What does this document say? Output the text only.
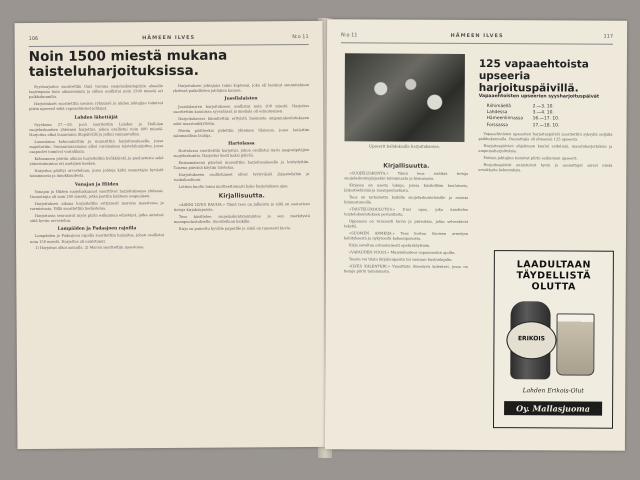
106	HÄMEEN ILVES	N:o 11
Noin 1500 miestä mukana taisteluharjoituksissa.

Syysharjoitus suoritettiin tänä vuonna suojeluskuntapiirin alueella laajempana kuin aikaisemmin ja siihen osallistui noin 1500 miestä eri paikkakunnilta.

Harjoitukset suoritettiin useissa ryhmissä ja niiden johtajina toimivat piirin upseerit sekä vapaaehtoiset johtajat.

Lahden lähettäjät

Syyskuun 27.—28. p:nä suoritettiin Lahden ja Hollolan suojeluskuntien yhteinen harjoitus, johon osallistui noin 400 miestä. Harjoitus alkoi lauantaina iltapäivällä ja jatkui sunnuntaihin.

Lauantaina kokoonnuttiin ja marssittiin harjoitusalueelle, jossa majoituttiin. Sunnuntaiaamuna alkoi varsinainen taisteluharjoitus, jossa osapuolet toimivat vastakkain.

Kolmannen päivän aikana harjoiteltiin hyökkäystä ja puolustusta sekä yhteistoimintaa eri aselajien kesken.

Harjoitus päättyi arvosteluun, jossa johtaja kiitti osanottajia hyvästä toiminnasta ja innokkuudesta.

Vanajan ja Hiiden

Vanajan ja Hiiden suojeluskunnat suorittivat harjoituksensa yhdessä. Osanottajia oli noin 200 miestä, jotka jaettiin kahteen osapuoleen.

Harjoituksen aikana harjoiteltiin erityisesti marssia maastossa ja varmistusta. Yöllä suoritettiin tiedustelua.

Harjoitusta seurasivat myös piirin esikunnan edustajat, jotka antoivat siitä hyvän arvostelun.

Lampäiden ja Padasjoen rajoilla

Lampäiden ja Padasjoen rajoilla suoritettiin harjoitus, johon osallistui noin 150 miestä. Harjoitus oli onnistunut.

1) Harjoitus alkoi aamulla. 2) Marssi suoritettiin maastossa.

Harjoituksen johtajana toimi kapteeni, joka oli laatinut suunnitelman yhdessä paikallisten johtajien kanssa.

Jussilalaisten

Jussilalaisten harjoitukseen osallistui noin 100 miestä. Harjoitus suoritettiin kauniissa syyssäässä ja mieliala oli erinomainen.

Harjoituksessa kiinnitettiin erityistä huomiota ampumakoulutukseen sekä maastonkäyttöön.

Päivän päätteeksi pidettiin yhteinen tilaisuus, jossa laulettiin isänmaallisia lauluja.

Hartolassa

Hartolassa suoritettiin harjoitus, johon osallistui myös naapuripitäjien suojeluskuntia. Harjoitus kesti kaksi päivää.

Ensimmäisenä päivänä marssittiin harjoitusalueelle ja leiriydyttiin. Toisena päivänä käytiin taistelua.

Harjoitukseen osallistuneet olivat tyytyväisiä järjestelyihin ja ruokahuoltoon.

Lottien huolto toimi moitteettomasti koko harjoituksen ajan.

Kirjallisuutta.

»AARNI ILVES RAUHA.» Tämä teos on julkaistu ja siitä on saatavissa tietoja kirjakaupoista.

Teos käsittelee suojeluskuntatoimintaa ja sen merkitystä maanpuolustukselle. Suositellaan kaikille.

Kirja on painettu hyvälle paperille ja siinä on runsaasti kuvia.

N:o 11	HÄMEEN ILVES	117
Upseerit kahdeksalla harjoituksessa.
125 vapaaehtoista upseeria harjoituspäivillä.
Vapaaehtoisten upseerien syysharjoituspäivät
Riihimäellä	2.—3. 10.
Lahdessa	3.—4. 10.
Hämeenlinnassa	16.—17. 10.
Forssassa	17.—18. 10.

Vapaaehtoisten upseerien harjoituspäivät suoritettiin syksyllä neljällä paikkakunnalla. Osanottajia oli yhteensä 125 upseeria.

Harjoituspäivien ohjelmaan kuului esitelmiä, maastoharjoituksia ja ampumaharjoituksia.

Päivien johtajina toimivat piirin esikunnan upseerit.

Harjoituspäivät onnistuivat hyvin ja osanottajat saivat niistä arvokkaita kokemuksia.

Kirjallisuutta.

»SUOJELUSKUNTA.» Tämä teos sisältää tietoja suojeluskuntajärjestön toiminnasta ja historiasta.

Kirjassa on useita lukuja, joissa käsitellään koulutusta, järjestöelämää ja maanpuolustusta.

Teos on tarkoitettu kaikille suojeluskuntalaisille ja asiasta kiinnostuneille.

»TAISTELUKOULUTUS.» Uusi opas, joka käsittelee taistelukoulutuksen periaatteita.

Oppaassa on runsaasti kuvia ja piirroksia, jotka selventävät tekstiä.

»SUOMEN ARMEIJA.» Teos kertoo Suomen armeijan kehityksestä ja nykyisestä kokoonpanosta.

Kirja soveltuu erinomaisesti opetuskäyttöön.

»VAPAUDEN VUOSI.» Muistelmateos vapaussodan ajoilta.

Teosta voi tilata kirjakaupoista tai suoraan kustantajalta.

»ILVES KALENTERI.» Vuosittain ilmestyvä kalenteri, jossa on tietoja piirin toiminnasta.

LAADULTAAN
TÄYDELLISTÄ
OLUTTA
ERIKOIS
Lahden Erikois-Olut
Oy. Mallasjuoma
